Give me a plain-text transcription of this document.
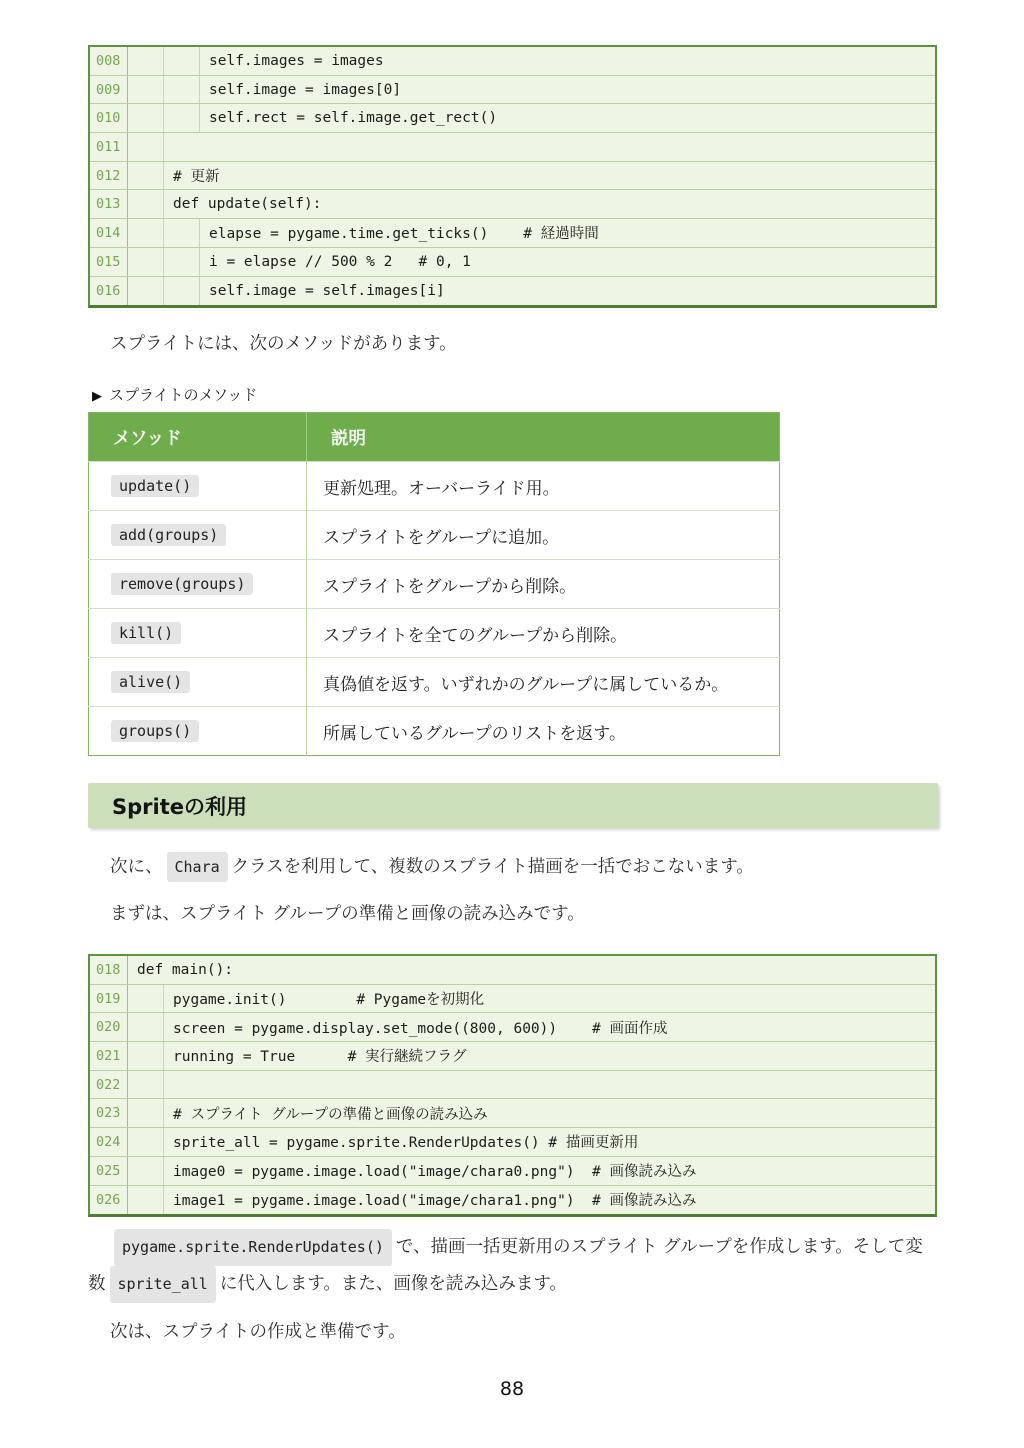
008	self.images = images
009	self.image = images[0]
010	self.rect = self.image.get_rect()
011
012	# 更新
013	def update(self):
014	elapse = pygame.time.get_ticks()    # 経過時間
015	i = elapse // 500 % 2   # 0, 1
016	self.image = self.images[i]

スプライトには、次のメソッドがあります。

▶ スプライトのメソッド
メソッド	説明
update()	更新処理。オーバーライド用。
add(groups)	スプライトをグループに追加。
remove(groups)	スプライトをグループから削除。
kill()	スプライトを全てのグループから削除。
alive()	真偽値を返す。いずれかのグループに属しているか。
groups()	所属しているグループのリストを返す。
Spriteの利用

次に、 Chara クラスを利用して、複数のスプライト描画を一括でおこないます。

まずは、スプライト グループの準備と画像の読み込みです。

018	def main():
019	pygame.init()        # Pygameを初期化
020	screen = pygame.display.set_mode((800, 600))    # 画面作成
021	running = True      # 実行継続フラグ
022
023	# スプライト グループの準備と画像の読み込み
024	sprite_all = pygame.sprite.RenderUpdates() # 描画更新用
025	image0 = pygame.image.load("image/chara0.png")  # 画像読み込み
026	image1 = pygame.image.load("image/chara1.png")  # 画像読み込み

pygame.sprite.RenderUpdates() で、描画一括更新用のスプライト グループを作成します。そして変数 sprite_all に代入します。また、画像を読み込みます。

次は、スプライトの作成と準備です。

88
